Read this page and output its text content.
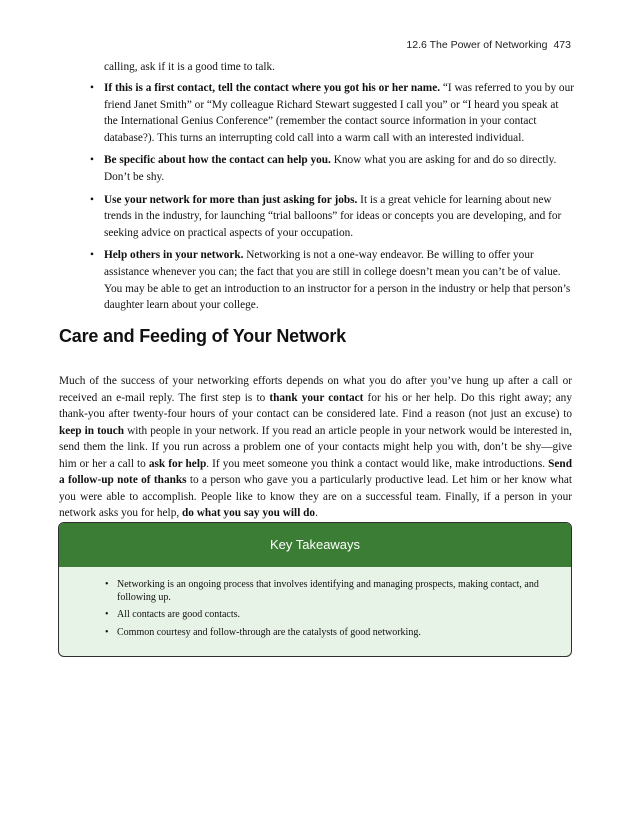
12.6 The Power of Networking 473
calling, ask if it is a good time to talk.
• If this is a first contact, tell the contact where you got his or her name. “I was referred to you by our friend Janet Smith” or “My colleague Richard Stewart suggested I call you” or “I heard you speak at the International Genius Conference” (remember the contact source information in your contact database?). This turns an interrupting cold call into a warm call with an interested individual.
• Be specific about how the contact can help you. Know what you are asking for and do so directly. Don’t be shy.
• Use your network for more than just asking for jobs. It is a great vehicle for learning about new trends in the industry, for launching “trial balloons” for ideas or concepts you are developing, and for seeking advice on practical aspects of your occupation.
• Help others in your network. Networking is not a one-way endeavor. Be willing to offer your assistance whenever you can; the fact that you are still in college doesn’t mean you can’t be of value. You may be able to get an introduction to an instructor for a person in the industry or help that person’s daughter learn about your college.
Care and Feeding of Your Network

Much of the success of your networking efforts depends on what you do after you’ve hung up after a call or received an e-mail reply. The first step is to thank your contact for his or her help. Do this right away; any thank-you after twenty-four hours of your contact can be considered late. Find a reason (not just an excuse) to keep in touch with people in your network. If you read an article people in your network would be interested in, send them the link. If you run across a problem one of your contacts might help you with, don’t be shy—give him or her a call to ask for help. If you meet someone you think a contact would like, make introductions. Send a follow-up note of thanks to a person who gave you a particularly productive lead. Let him or her know what you were able to accomplish. People like to know they are on a successful team. Finally, if a person in your network asks you for help, do what you say you will do.

Key Takeaways
• Networking is an ongoing process that involves identifying and managing prospects, making contact, and following up.
• All contacts are good contacts.
• Common courtesy and follow-through are the catalysts of good networking.
